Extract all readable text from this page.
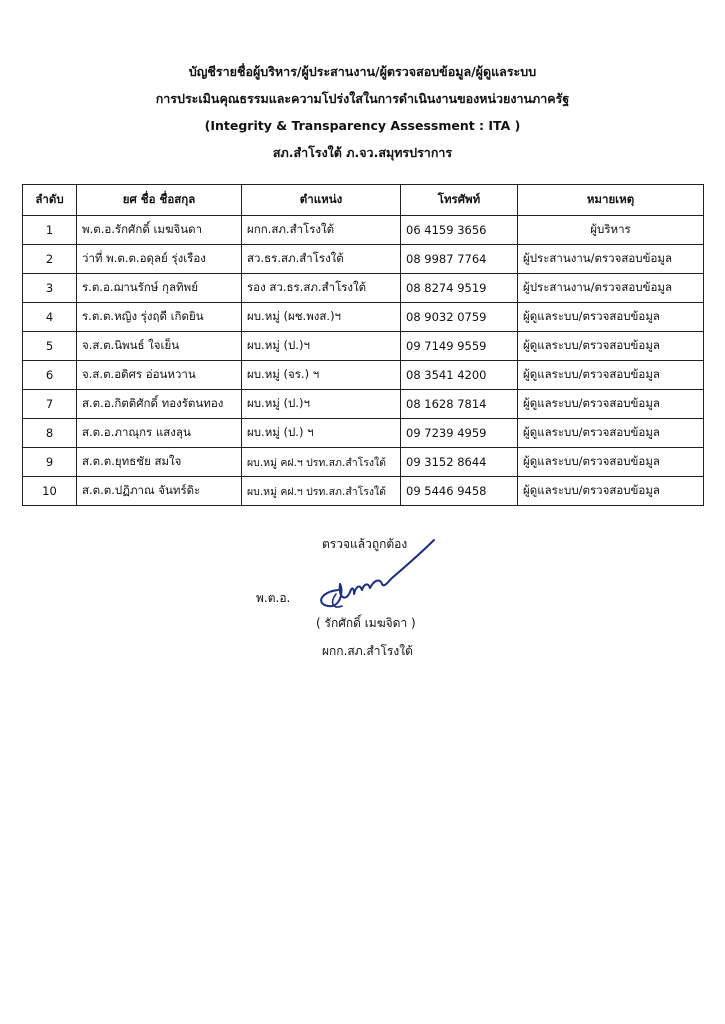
บัญชีรายชื่อผู้บริหาร/ผู้ประสานงาน/ผู้ตรวจสอบข้อมูล/ผู้ดูแลระบบ
การประเมินคุณธรรมและความโปร่งใสในการดำเนินงานของหน่วยงานภาครัฐ
(Integrity & Transparency Assessment : ITA )
สภ.สำโรงใต้ ภ.จว.สมุทรปราการ
ลำดับ	ยศ ชื่อ ชื่อสกุล	ตำแหน่ง	โทรศัพท์	หมายเหตุ
1	พ.ต.อ.รักศักดิ์ เมฆจินดา	ผกก.สภ.สำโรงใต้	06 4159 3656	ผู้บริหาร
2	ว่าที่ พ.ต.ต.อดุลย์ รุ่งเรือง	สว.ธร.สภ.สำโรงใต้	08 9987 7764	ผู้ประสานงาน/ตรวจสอบข้อมูล
3	ร.ต.อ.ฌานรักษ์ กุลทิพย์	รอง สว.ธร.สภ.สำโรงใต้	08 8274 9519	ผู้ประสานงาน/ตรวจสอบข้อมูล
4	ร.ต.ต.หญิง รุ่งฤดี เกิดยิน	ผบ.หมู่ (ผช.พงส.)ฯ	08 9032 0759	ผู้ดูแลระบบ/ตรวจสอบข้อมูล
5	จ.ส.ต.นิพนธ์ ใจเย็น	ผบ.หมู่ (ป.)ฯ	09 7149 9559	ผู้ดูแลระบบ/ตรวจสอบข้อมูล
6	จ.ส.ต.อดิศร อ่อนหวาน	ผบ.หมู่ (จร.) ฯ	08 3541 4200	ผู้ดูแลระบบ/ตรวจสอบข้อมูล
7	ส.ต.อ.กิตติศักดิ์ ทองรัตนทอง	ผบ.หมู่ (ป.)ฯ	08 1628 7814	ผู้ดูแลระบบ/ตรวจสอบข้อมูล
8	ส.ต.อ.ภาณุกร แสงลุน	ผบ.หมู่ (ป.) ฯ	09 7239 4959	ผู้ดูแลระบบ/ตรวจสอบข้อมูล
9	ส.ต.ต.ยุทธชัย สมใจ	ผบ.หมู่ คฝ.ฯ ปรท.สภ.สำโรงใต้	09 3152 8644	ผู้ดูแลระบบ/ตรวจสอบข้อมูล
10	ส.ต.ต.ปฏิภาณ จันทร์ดิะ	ผบ.หมู่ คฝ.ฯ ปรท.สภ.สำโรงใต้	09 5446 9458	ผู้ดูแลระบบ/ตรวจสอบข้อมูล
ตรวจแล้วถูกต้อง
พ.ต.อ.
( รักศักดิ์ เมฆจิดา )
ผกก.สภ.สำโรงใต้
